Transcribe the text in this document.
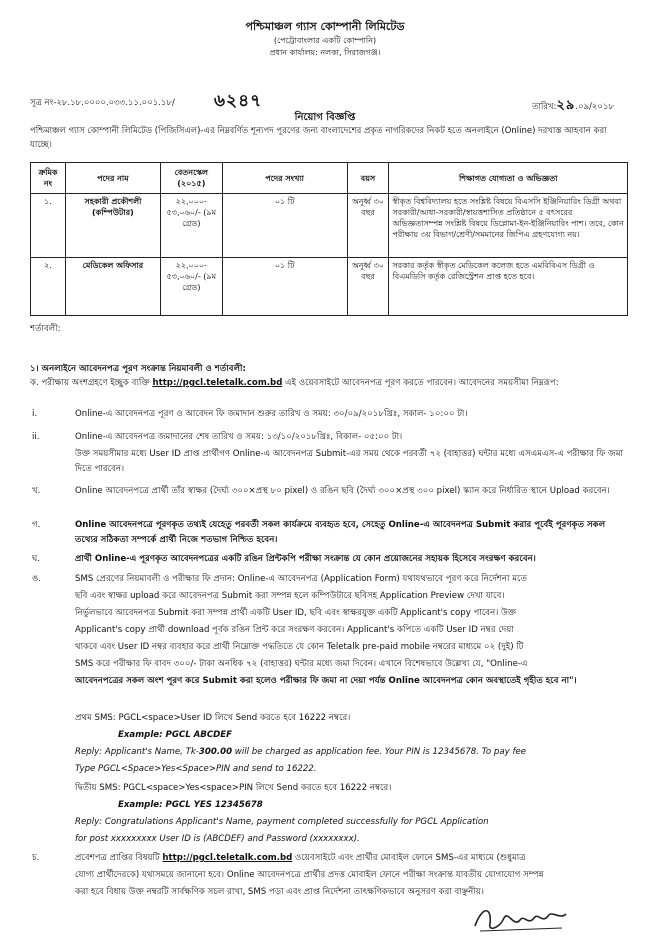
পশ্চিমাঞ্চল গ্যাস কোম্পানী লিমিটেড
(পেট্রোবাংলার একটি কোম্পানি)
প্রধান কার্যালয়: নলকা, সিরাজগঞ্জ।
সূত্র নং-২৮.১৮.০০০০.০৩৩.১১.০০১.১৮/ ৬২৪৭	তারিখ:২৯.০৯/২০১৮
নিয়োগ বিজ্ঞপ্তি
পশ্চিমাঞ্চল গ্যাস কোম্পানী লিমিটেড (পিজিসিএল)-এর নিম্নবর্ণিত শূন্যপদ পূরণের জন্য বাংলাদেশের প্রকৃত নাগরিকদের নিকট হতে অনলাইনে (Online) দরখাস্ত আহবান করা যাচ্ছে।
ক্রমিক নং	পদের নাম	বেতনস্কেল (২০১৫)	পদের সংখ্যা	বয়স	শিক্ষাগত যোগ্যতা ও অভিজ্ঞতা
১.	সহকারী প্রকৌশলী (কম্পিউটার)	২২,০০০- ৫৩,০৬০/- (৯ম গ্রেড)	০১ টি	অনূর্ধ্ব ৩০ বছর	স্বীকৃত বিশ্ববিদ্যালয় হতে সংশ্লিষ্ট বিষয়ে বিএসসি ইঞ্জিনিয়ারিং ডিগ্রী অথবা সরকারী/আধা-সরকারী/স্বায়ত্তশাসিত প্রতিষ্ঠানে ৫ বৎসরের অভিজ্ঞতাসম্পন্ন সংশ্লিষ্ট বিষয়ে ডিপ্লোমা-ইন-ইঞ্জিনিয়ারিং পাশ। তবে, কোন পরীক্ষায় ৩য় বিভাগ/শ্রেণী/সমমানের জিপিএ গ্রহণযোগ্য নয়।
২.	মেডিকেল অফিসার	২২,০০০- ৫৩,০৬০/- (৯ম গ্রেড)	০১ টি	অনূর্ধ্ব ৩০ বছর	সরকার কর্তৃক স্বীকৃত মেডিকেল কলেজ হতে এমবিবিএস ডিগ্রী ও বিএমডিসি কর্তৃক রেজিস্ট্রেশন প্রাপ্ত হতে হবে।
শর্তাবলী:
১। অনলাইনে আবেদনপত্র পূরণ সংক্রান্ত নিয়মাবলী ও শর্তাবলী:
ক. পরীক্ষায় অংশগ্রহণে ইচ্ছুক ব্যক্তি http://pgcl.teletalk.com.bd এই ওয়েবসাইটে আবেদনপত্র পূরণ করতে পারবেন। আবেদনের সময়সীমা নিম্নরূপ:
i.	Online-এ আবেদনপত্র পূরণ ও আবেদন ফি জমাদান শুরুর তারিখ ও সময়: ৩০/০৯/২০১৮খ্রিঃ, সকাল- ১০:০০ টা।
ii.	Online-এ আবেদনপত্র জমাদানের শেষ তারিখ ও সময়: ১৩/১০/২০১৮খ্রিঃ, বিকাল- ০৫:০০ টা।
উক্ত সময়সীমার মধ্যে User ID প্রাপ্ত প্রার্থীগণ Online-এ আবেদনপত্র Submit-এর সময় থেকে পরবর্তী ৭২ (বাহাত্তর) ঘন্টার মধ্যে এসএমএস-এ পরীক্ষার ফি জমা দিতে পারবেন।
খ.	Online আবেদনপত্রে প্রার্থী তাঁর স্বাক্ষর (দৈর্ঘ্য ৩০০×প্রস্থ ৮০ pixel) ও রঙিন ছবি (দৈর্ঘ্য ৩০০×প্রস্থ ৩০০ pixel) স্ক্যান করে নির্ধারিত স্থানে Upload করবেন।
গ.	Online আবেদনপত্রে পূরণকৃত তথ্যই যেহেতু পরবর্তী সকল কার্যক্রমে ব্যবহৃত হবে, সেহেতু Online-এ আবেদনপত্র Submit করার পূর্বেই পূরণকৃত সকল তথ্যের সঠিকতা সম্পর্কে প্রার্থী নিজে শতভাগ নিশ্চিত হবেন।
ঘ.	প্রার্থী Online-এ পূরণকৃত আবেদনপত্রের একটি রঙিন প্রিন্টকপি পরীক্ষা সংক্রান্ত যে কোন প্রয়োজনের সহায়ক হিসেবে সংরক্ষণ করবেন।
ঙ.	SMS প্রেরণের নিয়মাবলী ও পরীক্ষার ফি প্রদান: Online-এ আবেদনপত্র (Application Form) যথাযথভাবে পূরণ করে নির্দেশনা মতে
ছবি এবং স্বাক্ষর upload করে আবেদনপত্র Submit করা সম্পন্ন হলে কম্পিউটারে ছবিসহ Application Preview দেখা যাবে।
নির্ভুলভাবে আবেদনপত্র Submit করা সম্পন্ন প্রার্থী একটি User ID, ছবি এবং স্বাক্ষরযুক্ত একটি Applicant's copy পাবেন। উক্ত
Applicant's copy প্রার্থী download পূর্বক রঙিন প্রিন্ট করে সংরক্ষণ করবেন। Applicant's কপিতে একটি User ID নম্বর দেয়া
থাকবে এবং User ID নম্বর ব্যবহার করে প্রার্থী নিম্নোক্ত পদ্ধতিতে যে কোন Teletalk pre-paid mobile নম্বরের মাধ্যমে ০২ (দুই) টি
SMS করে পরীক্ষার ফি বাবদ ৩০০/- টাকা অনধিক ৭২ (বাহাত্তর) ঘন্টার মধ্যে জমা দিবেন। এখানে বিশেষভাবে উল্লেখ্য যে, "Online-এ
আবেদনপত্রের সকল অংশ পূরণ করে Submit করা হলেও পরীক্ষার ফি জমা না দেয়া পর্যন্ত Online আবেদনপত্র কোন অবস্থাতেই গৃহীত হবে না"।
প্রথম SMS: PGCL<space>User ID লিখে Send করতে হবে 16222 নম্বরে।
Example: PGCL ABCDEF
Reply: Applicant's Name, Tk-300.00 will be charged as application fee. Your PIN is 12345678. To pay fee
Type PGCL<Space>Yes<Space>PIN and send to 16222.
দ্বিতীয় SMS: PGCL<space>Yes<space>PIN লিখে Send করতে হবে 16222 নম্বরে।
Example: PGCL YES 12345678
Reply: Congratulations Applicant's Name, payment completed successfully for PGCL Application
for post xxxxxxxxx User ID is (ABCDEF) and Password (xxxxxxxx).
চ.	প্রবেশপত্র প্রাপ্তির বিষয়টি http://pgcl.teletalk.com.bd ওয়েবসাইটে এবং প্রার্থীর মোবাইল ফোনে SMS-এর মাধ্যমে (শুধুমাত্র
যোগ্য প্রার্থীদেরকে) যথাসময়ে জানানো হবে। Online আবেদনপত্রে প্রার্থীর প্রদত্ত মোবাইল ফোনে পরীক্ষা সংক্রান্ত যাবতীয় যোগাযোগ সম্পন্ন
করা হবে বিধায় উক্ত নম্বরটি সার্বক্ষণিক সচল রাখা, SMS পড়া এবং প্রাপ্ত নির্দেশনা তাৎক্ষণিকভাবে অনুসরণ করা বাঞ্ছনীয়।
